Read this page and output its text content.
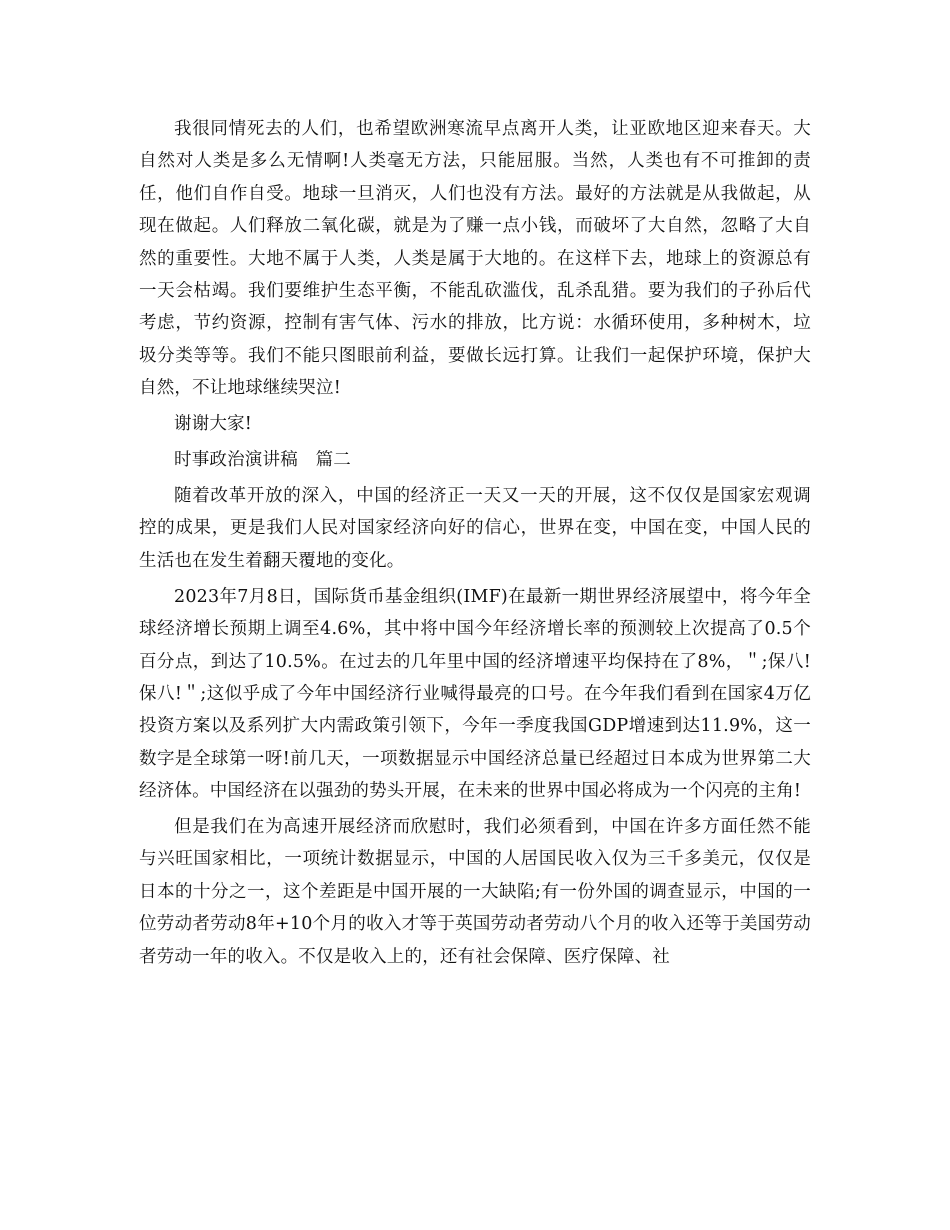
我很同情死去的人们，也希望欧洲寒流早点离开人类，让亚欧地区迎来春天。大自然对人类是多么无情啊!人类毫无方法，只能屈服。当然，人类也有不可推卸的责任，他们自作自受。地球一旦消灭，人们也没有方法。最好的方法就是从我做起，从现在做起。人们释放二氧化碳，就是为了赚一点小钱，而破坏了大自然，忽略了大自然的重要性。大地不属于人类，人类是属于大地的。在这样下去，地球上的资源总有一天会枯竭。我们要维护生态平衡，不能乱砍滥伐，乱杀乱猎。要为我们的子孙后代考虑，节约资源，控制有害气体、污水的排放，比方说：水循环使用，多种树木，垃圾分类等等。我们不能只图眼前利益，要做长远打算。让我们一起保护环境，保护大自然，不让地球继续哭泣!

谢谢大家!

时事政治演讲稿　篇二

随着改革开放的深入，中国的经济正一天又一天的开展，这不仅仅是国家宏观调控的成果，更是我们人民对国家经济向好的信心，世界在变，中国在变，中国人民的生活也在发生着翻天覆地的变化。

2023年7月8日，国际货币基金组织(IMF)在最新一期世界经济展望中，将今年全球经济增长预期上调至4.6%，其中将中国今年经济增长率的预测较上次提高了0.5个百分点，到达了10.5%。在过去的几年里中国的经济增速平均保持在了8%，＂;保八!保八!＂;这似乎成了今年中国经济行业喊得最亮的口号。在今年我们看到在国家4万亿投资方案以及系列扩大内需政策引领下，今年一季度我国GDP增速到达11.9%，这一数字是全球第一呀!前几天，一项数据显示中国经济总量已经超过日本成为世界第二大经济体。中国经济在以强劲的势头开展，在未来的世界中国必将成为一个闪亮的主角!

但是我们在为高速开展经济而欣慰时，我们必须看到，中国在许多方面任然不能与兴旺国家相比，一项统计数据显示，中国的人居国民收入仅为三千多美元，仅仅是日本的十分之一，这个差距是中国开展的一大缺陷;有一份外国的调查显示，中国的一位劳动者劳动8年+10个月的收入才等于英国劳动者劳动八个月的收入还等于美国劳动者劳动一年的收入。不仅是收入上的，还有社会保障、医疗保障、社
